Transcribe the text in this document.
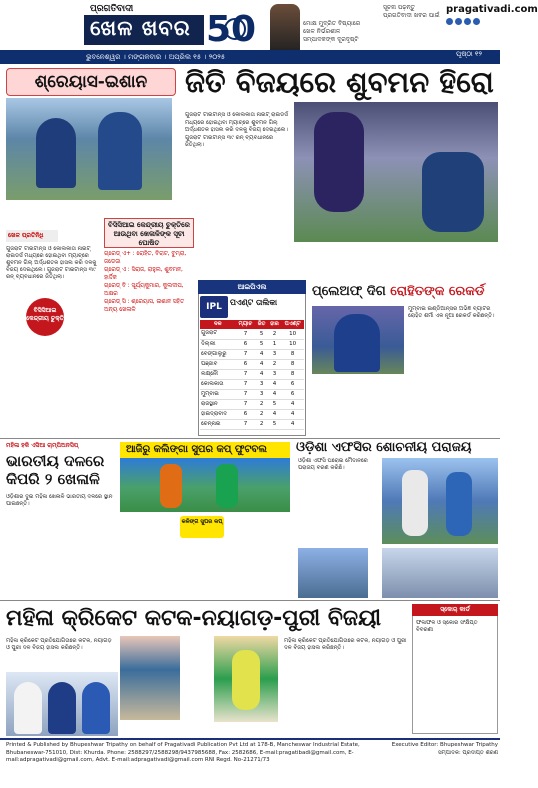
ପ୍ରଗତିବାଦୀ
ଖେଳ ଖବର 50	ମୋକ୍ଷ ମୁଦ୍ରିତ ବିଷ୍ୟାରେ ଖେଳ ନିର୍ଭରଶୀଳ ସମ୍ପାଦକଙ୍କ ଦୂରଦୃଷ୍ଟି
ସୂଚନା ପଢ଼ନ୍ତୁ ପ୍ରଗତିବାଦୀ ଖବର ପାଇଁ
pragativadi.com
ଭୁବନେଶ୍ୱର । ମଙ୍ଗଳବାର । ଅପ୍ରିଲ ୧୫ । ୨୦୨୫	ପୃଷ୍ଠା ୧୨
ଶ୍ରେୟାସ-ଇଶାନ	ଜିତି ବିଜୟରେ ଶୁବମନ ହିରୋ
ଗୁଜରାଟ ଟାଇଟାନ୍ସ ଓ କୋଲକାତା ନାଇଟ୍ ରାଇଡର୍ସ ମଧ୍ୟରେ ହୋଇଥିବା ମ୍ୟାଚ୍‌ରେ ଶୁବମନ ଗିଲ୍ ଅର୍ଦ୍ଧଶତକ ହାସଲ କରି ଦଳକୁ ବିଜୟ ଦେଇଥିଲେ। ଗୁଜରାଟ ଟାଇଟାନ୍ସ ୩୯ ରନ୍ ବ୍ୟବଧାନରେ ଜିତିଥିଲା।
ବିସିସିଆଇ କେନ୍ଦ୍ରୀୟ ଚୁକ୍ତିରେ ଆଉଥିବା ଖେଳାଳିଙ୍କ ସୂଚୀ ଘୋଷିତ
ଖେଳ ପ୍ରତିନିଧି
ବିସିସିଆଇ କେନ୍ଦ୍ରୀୟ ଚୁକ୍ତି
ଗ୍ରେଡ୍ ଏ+ : ରୋହିତ, ବିରାଟ, ବୁମ୍ରା, ଜଡେଜା
ଗ୍ରେଡ୍ ଏ : ସିରାଜ, ରାହୁଲ, ଶୁବମନ, ହାର୍ଦ୍ଦିକ
ଗ୍ରେଡ୍ ବି : ସୂର୍ଯ୍ୟକୁମାର, କୁଲଦୀପ, ଅକ୍ଷର
ଗ୍ରେଡ୍ ସି : ଶ୍ରେୟାସ, ଇଶାନ ସହିତ ଅନ୍ୟ ଖେଳାଳି
ଗୁଜରାଟ ଟାଇଟାନ୍ସ ଓ କୋଲକାତା ନାଇଟ୍ ରାଇଡର୍ସ ମଧ୍ୟରେ ହୋଇଥିବା ମ୍ୟାଚ୍‌ରେ ଶୁବମନ ଗିଲ୍ ଅର୍ଦ୍ଧଶତକ ହାସଲ କରି ଦଳକୁ ବିଜୟ ଦେଇଥିଲେ। ଗୁଜରାଟ ଟାଇଟାନ୍ସ ୩୯ ରନ୍ ବ୍ୟବଧାନରେ ଜିତିଥିଲା।
ଆଇପିଏଲ
IPL	ପଏଣ୍ଟ ତାଲିକା
ଦଳ	ମ୍ୟାଚ	ଜିତ	ହାର	ପଏଣ୍ଟ
ଗୁଜରାଟ	7	5	2	10
ଦିଲ୍ଲୀ	6	5	1	10
ବେଙ୍ଗାଲୁରୁ	7	4	3	8
ପଞ୍ଜାବ	6	4	2	8
ଲକ୍ଷ୍ନୌ	7	4	3	8
କୋଲକାତା	7	3	4	6
ମୁମ୍ବାଇ	7	3	4	6
ରାଜସ୍ଥାନ	7	2	5	4
ହାଇଦ୍ରାବାଦ	6	2	4	4
ଚେନ୍ନାଇ	7	2	5	4
ପ୍ଲେଅଫ୍‌ ଦିଗ ରୋହିତଙ୍କ ରେକର୍ଡ
ମୁମ୍ବାଇ ଇଣ୍ଡିଆନ୍ସର ଅଭିଜ୍ଞ ବ୍ୟାଟର ରୋହିତ ଶର୍ମା ଏକ ନୂଆ ରେକର୍ଡ କରିଛନ୍ତି।
ମହିଳା ହକି ଏସିଆ ଚାମ୍ପିଅନସିପ୍
ଭାରତୀୟ ଦଳରେ କିପରି ୨ ଖେଳାଳି
ଓଡ଼ିଶାର ଦୁଇ ମହିଳା ଖେଳାଳି ଭାରତୀୟ ଦଳରେ ସ୍ଥାନ ପାଇଛନ୍ତି।
ଆଜିରୁ କଲିଙ୍ଗା ସୁପର କପ୍‌ ଫୁଟବଲ
କଳିଙ୍ଗ ସୁପର କପ୍
ଓଡ଼ିଶା ଏଫସିର ଶୋଚନୀୟ ପରାଜୟ
ଓଡ଼ିଶା ଏଫସି ଘରୋଇ ମୈଦାନରେ ପରାଜୟ ବରଣ କରିଛି।
ମହିଳା କ୍ରିକେଟ କଟକ-ନୟାଗଡ଼-ପୁରୀ ବିଜୟୀ
ମହିଳା କ୍ରିକେଟ ପ୍ରତିଯୋଗିତାରେ କଟକ, ନୟାଗଡ଼ ଓ ପୁରୀ ଦଳ ବିଜୟ ହାସଲ କରିଛନ୍ତି।
ମହିଳା କ୍ରିକେଟ ପ୍ରତିଯୋଗିତାରେ କଟକ, ନୟାଗଡ଼ ଓ ପୁରୀ ଦଳ ବିଜୟ ହାସଲ କରିଛନ୍ତି।
ସ୍କୋର୍ କାର୍ଡ
ଫଳାଫଳ ଓ ସ୍କୋର ସଂକ୍ଷିପ୍ତ ବିବରଣୀ
Printed & Published by Bhupeshwar Tripathy on behalf of Pragativadi Publication Pvt Ltd at 178-B, Mancheswar Industrial Estate, Bhubaneswar-751010, Dist: Khurda. Phone: 2588297/2588298/9437985688, Fax: 2582686, E-mail:pragatibadi@gmail.com, E-mail:adpragativadi@gmail.com, Advt. E-mail:adpragativadi@gmail.com RNI Regd. No-21271/73
Executive Editor: Bhupeshwar Tripathy ସମ୍ପାଦକ: ପ୍ରଦୀପ୍ତ ଶରଣ
